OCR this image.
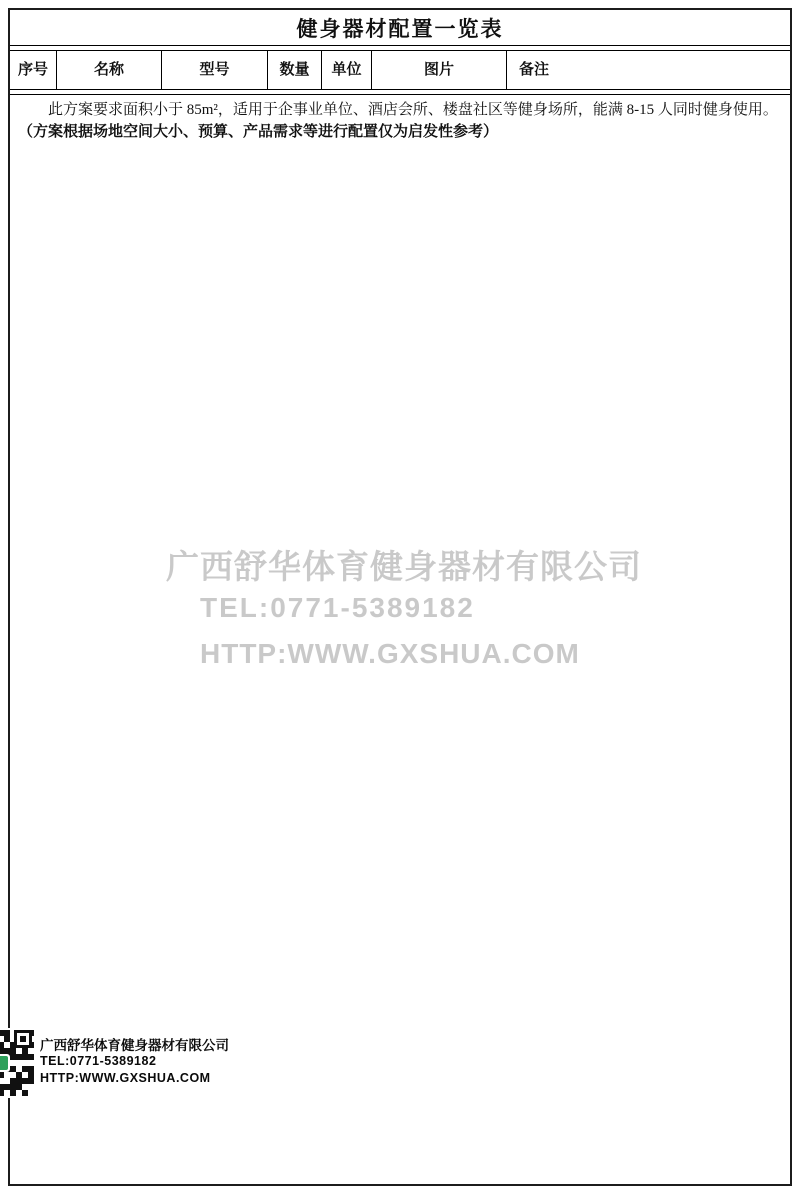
健身器材配置一览表
序号	名称	型号	数量	单位	图片	备注
此方案要求面积小于 85m²，适用于企事业单位、酒店会所、楼盘社区等健身场所，能满 8-15 人同时健身使用。
（方案根据场地空间大小、预算、产品需求等进行配置仅为启发性参考）
广西舒华体育健身器材有限公司
TEL:0771-5389182
HTTP:WWW.GXSHUA.COM
广西舒华体育健身器材有限公司
TEL:0771-5389182
HTTP:WWW.GXSHUA.COM
